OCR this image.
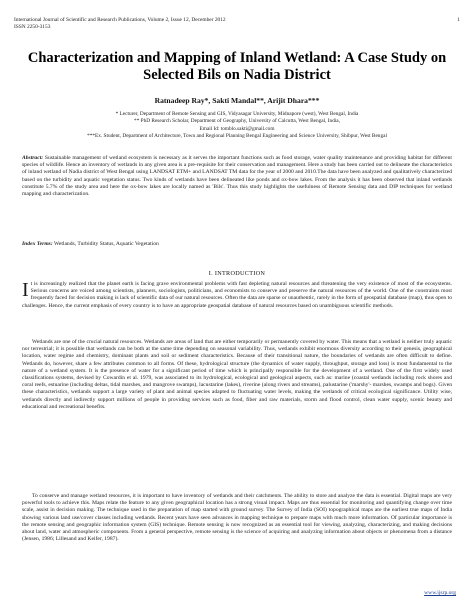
International Journal of Scientific and Research Publications, Volume 2, Issue 12, December 2012
ISSN 2250-3153
1
Characterization and Mapping of Inland Wetland: A Case Study on Selected Bils on Nadia District
Ratnadeep Ray*, Sakti Mandal**, Arijit Dhara***
* Lecturer, Department of Remote Sensing and GIS, Vidyasagar University, Midnapore (west), West Bengal, India
** PhD Research Scholar, Department of Geography, University of Calcutta, West Bengal, India,
Email Id: tomblo.sakti@gmail.com
***Ex. Student, Department of Architecture, Town and Regional Planning Bengal Engineering and Science University, Shibpur, West Bengal
Abstract: Sustainable management of wetland ecosystem is necessary as it serves the important functions such as food storage, water quality maintenance and providing habitat for different species of wildlife. Hence an inventory of wetlands in any given area is a pre-requisite for their conservation and management. Here a study has been carried out to delineate the characteristics of inland wetland of Nadia district of West Bengal using LANDSAT ETM+ and LANDSAT TM data for the year of 2000 and 2010.The data have been analyzed and qualitatively characterized based on the turbidity and aquatic vegetation status. Two kinds of wetlands have been delineated like ponds and ox-bow lakes. From the analysis it has been observed that inland wetlands constitute 5.7% of the study area and here the ox-bow lakes are locally named as 'Bils'. Thus this study highlights the usefulness of Remote Sensing data and DIP techniques for wetland mapping and characterization.
Index Terms: Wetlands, Turbidity Status, Aquatic Vegetation
I. INTRODUCTION
It is increasingly realized that the planet earth is facing grave environmental problems with fast depleting natural resources and threatening the very existence of most of the ecosystems. Serious concerns are voiced among scientists, planners, sociologists, politicians, and economists to conserve and preserve the natural resources of the world. One of the constraints most frequently faced for decision making is lack of scientific data of our natural resources. Often the data are sparse or unauthentic, rarely in the form of geospatial database (map), thus open to challenges. Hence, the current emphasis of every country is to have an appropriate geospatial database of natural resources based on unambiguous scientific methods.
Wetlands are one of the crucial natural resources. Wetlands are areas of land that are either temporarily or permanently covered by water. This means that a wetland is neither truly aquatic nor terrestrial; it is possible that wetlands can be both at the same time depending on seasonal variability. Thus, wetlands exhibit enormous diversity according to their genesis, geographical location, water regime and chemistry, dominant plants and soil or sediment characteristics. Because of their transitional nature, the boundaries of wetlands are often difficult to define. Wetlands do, however, share a few attributes common to all forms. Of these, hydrological structure (the dynamics of water supply, throughput, storage and loss) is most fundamental to the nature of a wetland system. It is the presence of water for a significant period of time which is principally responsible for the development of a wetland. One of the first widely used classifications systems, devised by Cowardin et al. 1979, was associated to its hydrological, ecological and geological aspects, such as: marine (coastal wetlands including rock shores and coral reefs, estuarine (including deltas, tidal marshes, and mangrove swamps), lacustarine (lakes), riverine (along rivers and streams), palustarine ('marshy'- marshes, swamps and bogs). Given these characteristics, wetlands support a large variety of plant and animal species adapted to fluctuating water levels, making the wetlands of critical ecological significance. Utility wise, wetlands directly and indirectly support millions of people in providing services such as food, fiber and raw materials, storm and flood control, clean water supply, scenic beauty and educational and recreational benefits.
To conserve and manage wetland resources, it is important to have inventory of wetlands and their catchments. The ability to store and analyze the data is essential. Digital maps are very powerful tools to achieve this. Maps relate the feature to any given geographical location has a strong visual impact. Maps are thus essential for monitoring and quantifying change over time scale, assist in decision making. The technique used in the preparation of map started with ground survey. The Survey of India (SOI) topographical maps are the earliest true maps of India showing various land use/cover classes including wetlands. Recent years have seen advances in mapping technique to prepare maps with much more information. Of particular importance is the remote sensing and geographic information system (GIS) technique. Remote sensing is now recognized as an essential tool for viewing, analyzing, characterizing, and making decisions about land, water and atmospheric components. From a general perspective, remote sensing is the science of acquiring and analyzing information about objects or phenomena from a distance (Jensen, 1986; Lillesand and Keifer, 1987).
www.ijsrp.org
